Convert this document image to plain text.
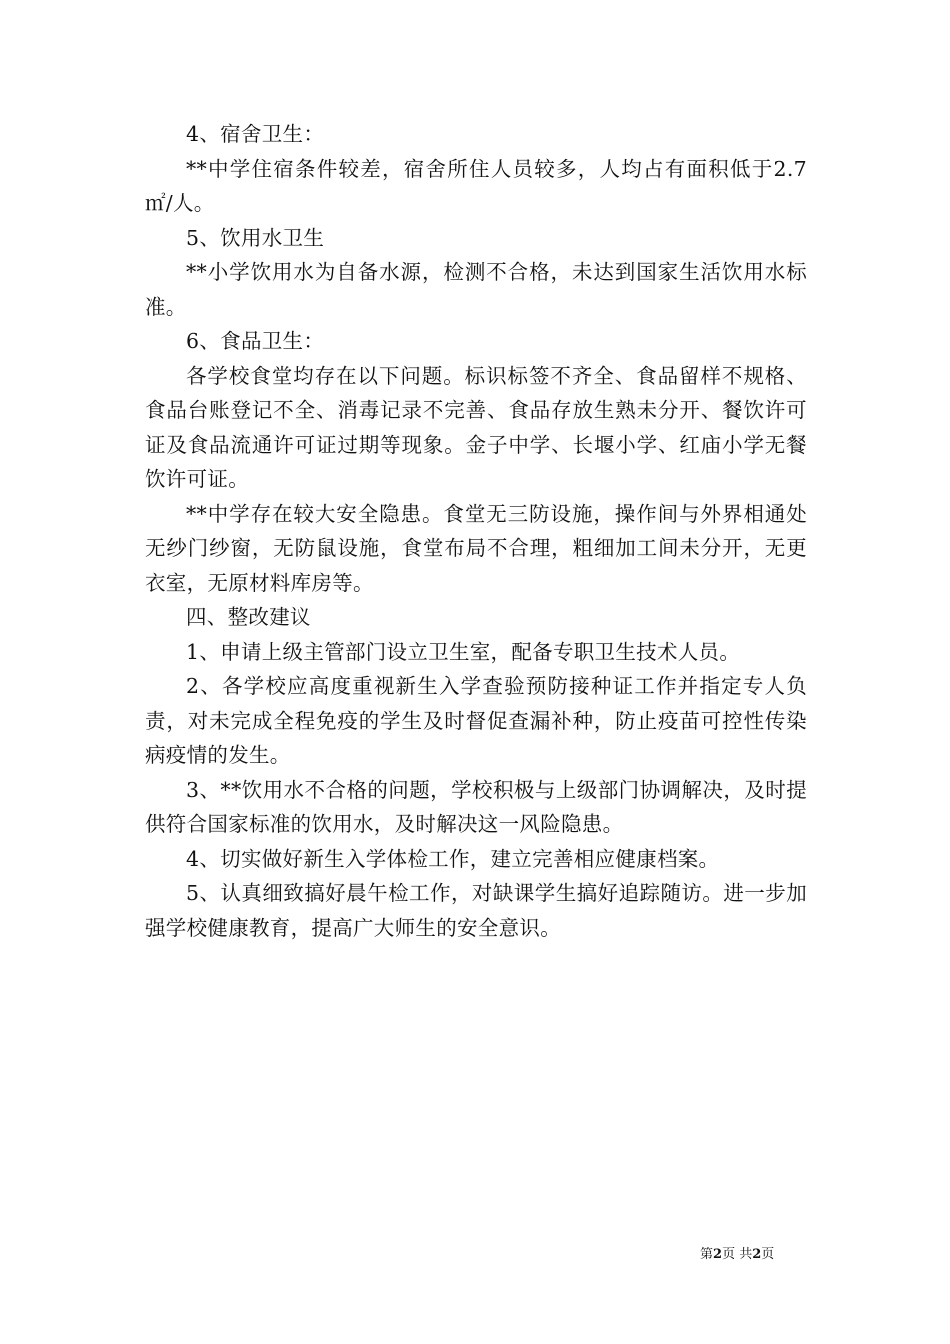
4、宿舍卫生：

**中学住宿条件较差，宿舍所住人员较多，人均占有面积低于2.7㎡/人。

5、饮用水卫生

**小学饮用水为自备水源，检测不合格，未达到国家生活饮用水标准。

6、食品卫生：

各学校食堂均存在以下问题。标识标签不齐全、食品留样不规格、食品台账登记不全、消毒记录不完善、食品存放生熟未分开、餐饮许可证及食品流通许可证过期等现象。金子中学、长堰小学、红庙小学无餐饮许可证。

**中学存在较大安全隐患。食堂无三防设施，操作间与外界相通处无纱门纱窗，无防鼠设施，食堂布局不合理，粗细加工间未分开，无更衣室，无原材料库房等。

四、整改建议

1、申请上级主管部门设立卫生室，配备专职卫生技术人员。

2、各学校应高度重视新生入学查验预防接种证工作并指定专人负责，对未完成全程免疫的学生及时督促查漏补种，防止疫苗可控性传染病疫情的发生。

3、**饮用水不合格的问题，学校积极与上级部门协调解决，及时提供符合国家标准的饮用水，及时解决这一风险隐患。

4、切实做好新生入学体检工作，建立完善相应健康档案。

5、认真细致搞好晨午检工作，对缺课学生搞好追踪随访。进一步加强学校健康教育，提高广大师生的安全意识。

第2页 共2页
